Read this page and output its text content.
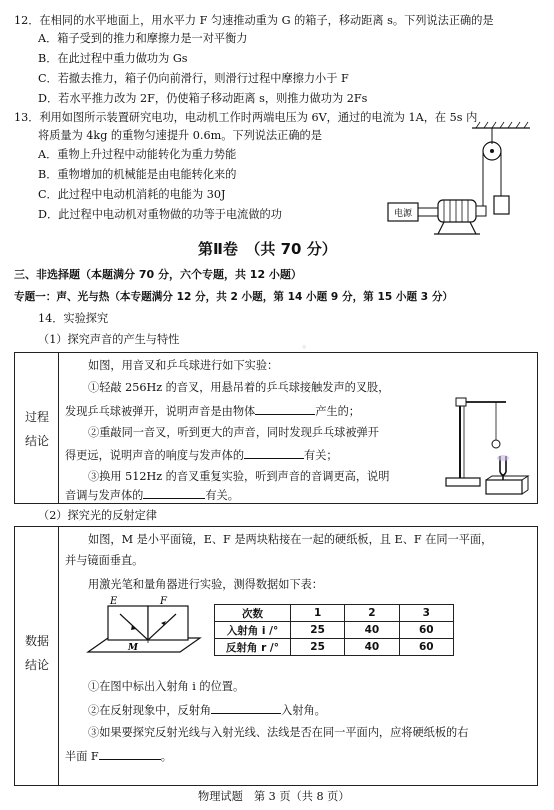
·
12．在相同的水平地面上，用水平力 F 匀速推动重为 G 的箱子，移动距离 s。下列说法正确的是
A．箱子受到的推力和摩擦力是一对平衡力
B．在此过程中重力做功为 Gs
C．若撤去推力，箱子仍向前滑行，则滑行过程中摩擦力小于 F
D．若水平推力改为 2F，仍使箱子移动距离 s，则推力做功为 2Fs
13．利用如图所示装置研究电功，电动机工作时两端电压为 6V，通过的电流为 1A，在 5s 内
将质量为 4kg 的重物匀速提升 0.6m。下列说法正确的是
A．重物上升过程中动能转化为重力势能
B．重物增加的机械能是由电能转化来的
C．此过程中电动机消耗的电能为 30J
D．此过程中电动机对重物做的功等于电流做的功	电源
第Ⅱ卷　（共 70 分）
三、非选择题（本题满分 70 分，六个专题，共 12 小题）
专题一：声、光与热（本专题满分 12 分，共 2 小题，第 14 小题 9 分，第 15 小题 3 分）
14．实验探究
（1）探究声音的产生与特性
过程
结论
如图，用音叉和乒乓球进行如下实验：
①轻敲 256Hz 的音叉，用悬吊着的乒乓球接触发声的叉股，
发现乒乓球被弹开，说明声音是由物体	产生的；
②重敲同一音叉，听到更大的声音，同时发现乒乓球被弹开
得更远，说明声音的响度与发声体的	有关；
③换用 512Hz 的音叉重复实验，听到声音的音调更高，说明
音调与发声体的	有关。
（2）探究光的反射定律
数据
结论
如图，M 是小平面镜，E、F 是两块粘接在一起的硬纸板，且 E、F 在同一平面，
并与镜面垂直。
用激光笔和量角器进行实验，测得数据如下表：
E	F
M
次数	1	2	3
入射角 i /°	25	40	60
反射角 r /°	25	40	60
①在图中标出入射角 i 的位置。
②在反射现象中，反射角	入射角。
③如果要探究反射光线与入射光线、法线是否在同一平面内，应将硬纸板的右
半面 F	。
物理试题　第 3 页（共 8 页）
